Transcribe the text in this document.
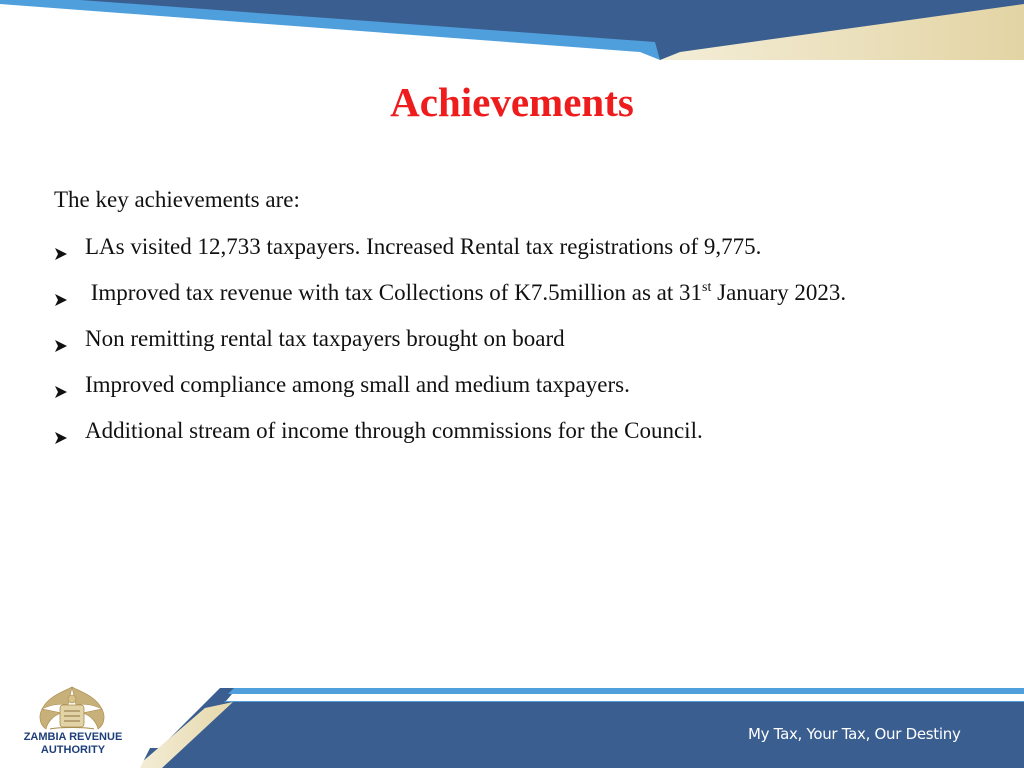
Achievements
The key achievements are:
LAs visited 12,733 taxpayers. Increased Rental tax registrations of 9,775.
Improved tax revenue with tax Collections of K7.5million as at 31st January 2023.
Non remitting rental tax taxpayers brought on board
Improved compliance among small and medium taxpayers.
Additional stream of income through commissions for the Council.
ZAMBIA REVENUE
AUTHORITY
My Tax, Your Tax, Our Destiny
